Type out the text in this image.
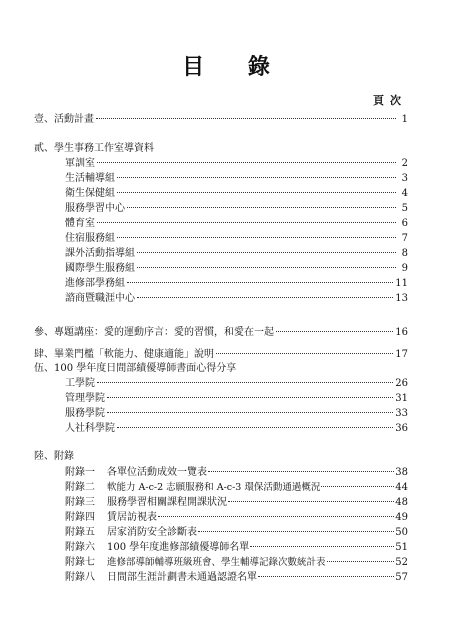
目 錄
頁次
壹、活動計畫	1
貳、學生事務工作室導資料
軍訓室	2
生活輔導組	3
衛生保健組	4
服務學習中心	5
體育室	6
住宿服務組	7
課外活動指導組	8
國際學生服務組	9
進修部學務組	11
諮商暨職涯中心	13
參、專題講座：愛的運動序言：愛的習慣，和愛在一起	16
肆、畢業門檻「軟能力、健康適能」說明	17
伍、100 學年度日間部績優導師書面心得分享
工學院	26
管理學院	31
服務學院	33
人社科學院	36
陸、附錄
附錄一 各單位活動成效一覽表	38
附錄二 軟能力 A-c-2 志願服務和 A-c-3 環保活動通過概況	44
附錄三 服務學習相關課程開課狀況	48
附錄四 賃居訪視表	49
附錄五 居家消防安全診斷表	50
附錄六 100 學年度進修部績優導師名單	51
附錄七 進修部導師輔導班級班會、學生輔導記錄次數統計表	52
附錄八 日間部生涯計劃書未通過認證名單	57
